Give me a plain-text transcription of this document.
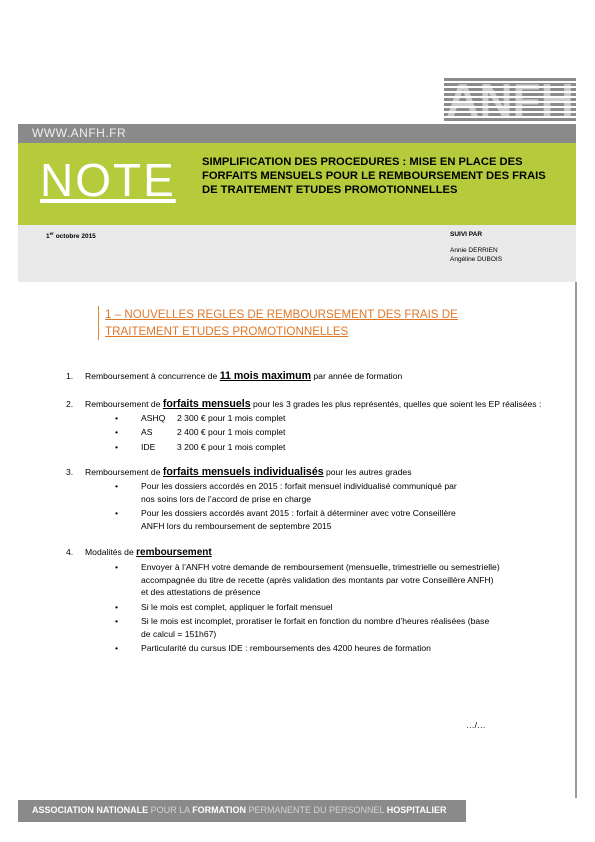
ANFH
WWW.ANFH.FR
NOTE SIMPLIFICATION DES PROCEDURES : MISE EN PLACE DES FORFAITS MENSUELS POUR LE REMBOURSEMENT DES FRAIS DE TRAITEMENT ETUDES PROMOTIONNELLES
1er octobre 2015	SUIVI PAR
Annie DERRIEN
Angéline DUBOIS
1 – NOUVELLES REGLES DE REMBOURSEMENT DES FRAIS DE TRAITEMENT ETUDES PROMOTIONNELLES
1. Remboursement à concurrence de 11 mois maximum par année de formation
2. Remboursement de forfaits mensuels pour les 3 grades les plus représentés, quelles que soient les EP réalisées :
•	ASHQ 2 300 € pour 1 mois complet
•	AS	2 400 € pour 1 mois complet
•	IDE	3 200 € pour 1 mois complet
3. Remboursement de forfaits mensuels individualisés pour les autres grades
•	Pour les dossiers accordés en 2015 : forfait mensuel individualisé communiqué par nos soins lors de l’accord de prise en charge
•	Pour les dossiers accordés avant 2015 : forfait à déterminer avec votre Conseillère ANFH lors du remboursement de septembre 2015
4. Modalités de remboursement
•	Envoyer à l’ANFH votre demande de remboursement (mensuelle, trimestrielle ou semestrielle) accompagnée du titre de recette (après validation des montants par votre Conseillère ANFH) et des attestations de présence
•	Si le mois est complet, appliquer le forfait mensuel
•	Si le mois est incomplet, proratiser le forfait en fonction du nombre d’heures réalisées (base de calcul = 151h67)
•	Particularité du cursus IDE : remboursements des 4200 heures de formation
…/…
ASSOCIATION NATIONALE POUR LA FORMATION PERMANENTE DU PERSONNEL HOSPITALIER
